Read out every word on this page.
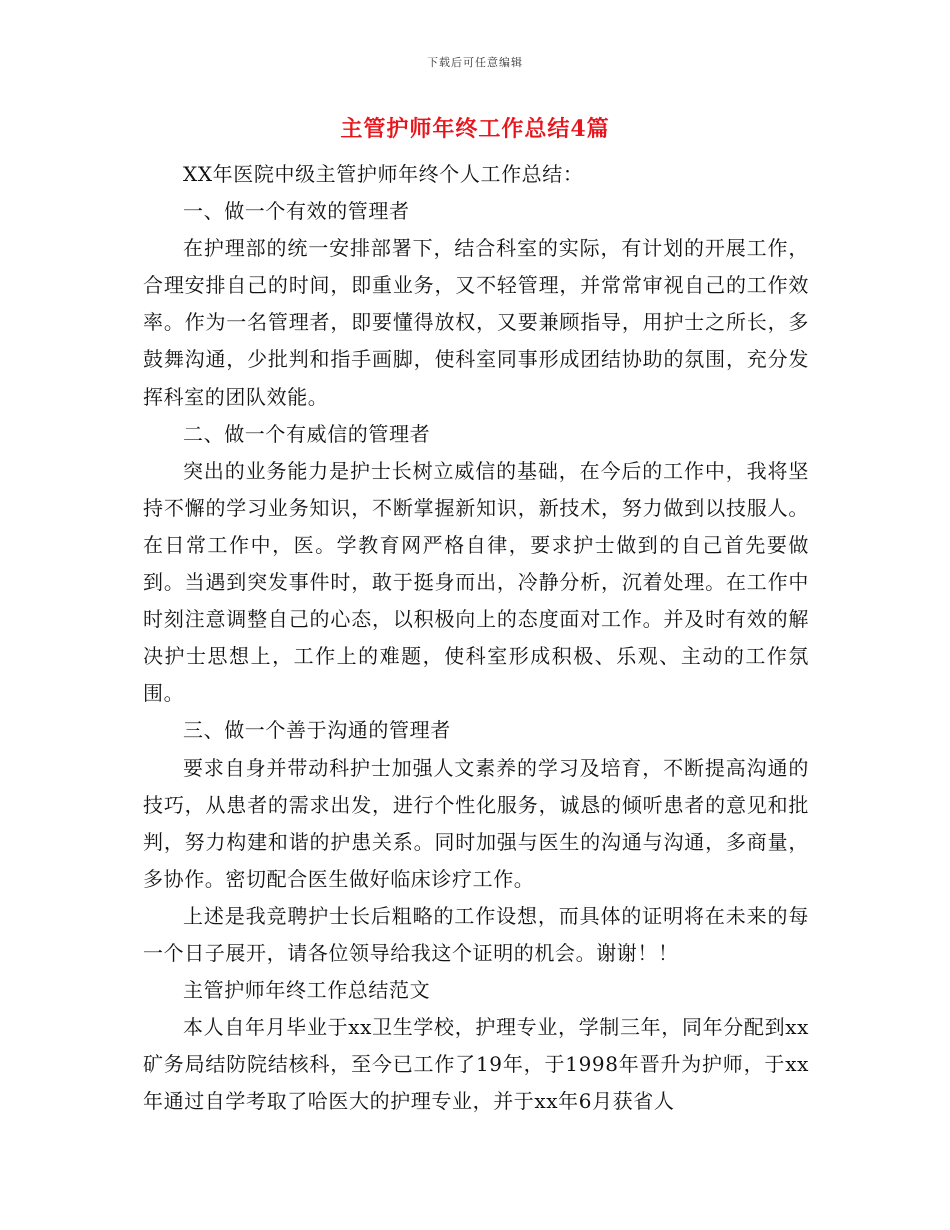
下载后可任意编辑
主管护师年终工作总结4篇

XX年医院中级主管护师年终个人工作总结：

一、做一个有效的管理者

在护理部的统一安排部署下，结合科室的实际，有计划的开展工作，合理安排自己的时间，即重业务，又不轻管理，并常常审视自己的工作效率。作为一名管理者，即要懂得放权，又要兼顾指导，用护士之所长，多鼓舞沟通，少批判和指手画脚，使科室同事形成团结协助的氛围，充分发挥科室的团队效能。

二、做一个有威信的管理者

突出的业务能力是护士长树立威信的基础，在今后的工作中，我将坚持不懈的学习业务知识，不断掌握新知识，新技术，努力做到以技服人。在日常工作中，医。学教育网严格自律，要求护士做到的自己首先要做到。当遇到突发事件时，敢于挺身而出，冷静分析，沉着处理。在工作中时刻注意调整自己的心态，以积极向上的态度面对工作。并及时有效的解决护士思想上，工作上的难题，使科室形成积极、乐观、主动的工作氛围。

三、做一个善于沟通的管理者

要求自身并带动科护士加强人文素养的学习及培育，不断提高沟通的技巧，从患者的需求出发，进行个性化服务，诚恳的倾听患者的意见和批判，努力构建和谐的护患关系。同时加强与医生的沟通与沟通，多商量，多协作。密切配合医生做好临床诊疗工作。

上述是我竞聘护士长后粗略的工作设想，而具体的证明将在未来的每一个日子展开，请各位领导给我这个证明的机会。谢谢！！

主管护师年终工作总结范文

本人自年月毕业于xx卫生学校，护理专业，学制三年，同年分配到xx矿务局结防院结核科，至今已工作了19年，于1998年晋升为护师，于xx年通过自学考取了哈医大的护理专业，并于xx年6月获省人
